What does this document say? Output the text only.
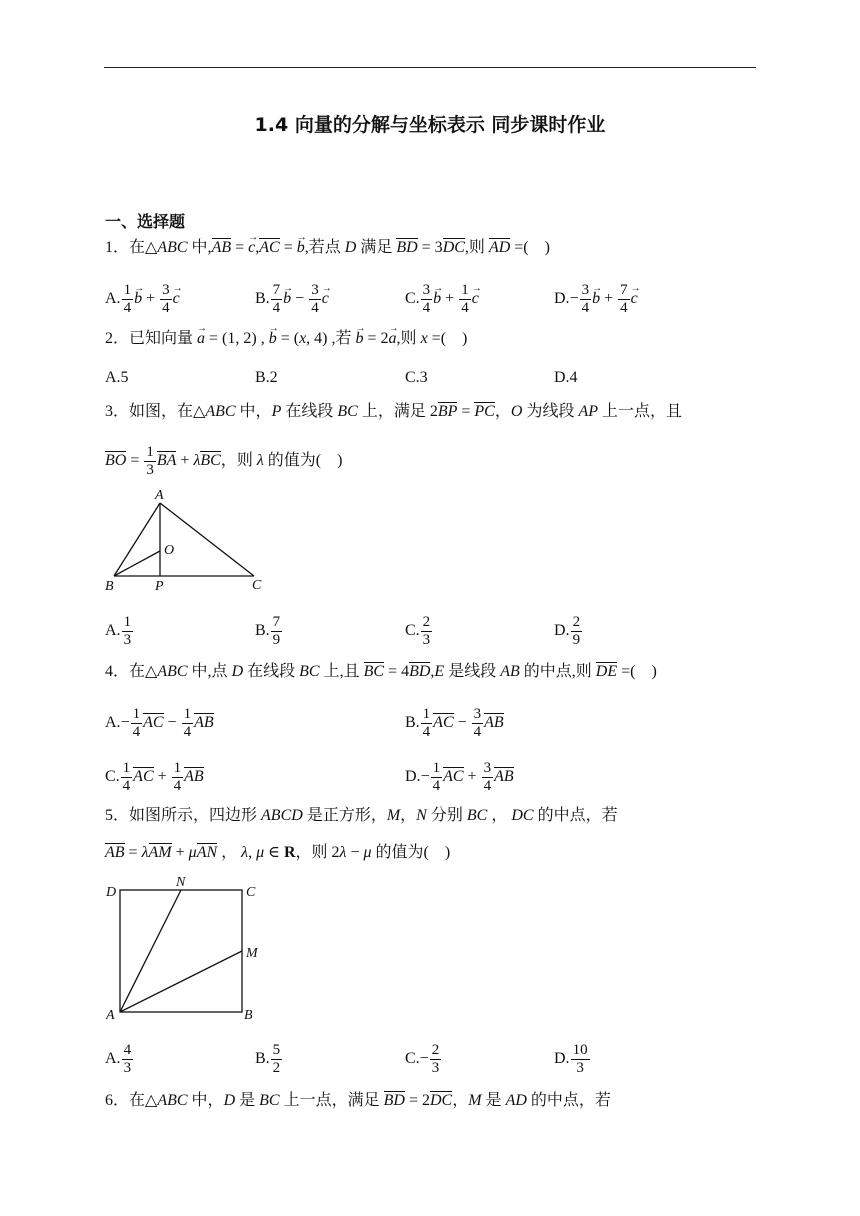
1.4 向量的分解与坐标表示 同步课时作业
一、选择题
1．在△ABC 中,AB = → c,AC = → b,若点 D 满足 BD = 3DC,则 AD =(　)
A. $\frac{1}{4}$
→ $b + \frac{3}{4}$
→ c	B. $\frac{7}{4}$
→ $b - \frac{3}{4}$
→ c	C. $\frac{3}{4}$
→ $b + \frac{1}{4}$
→ c	$D.- \frac{3}{4}$
→ $b + \frac{7}{4}$
→ c
2．已知向量 → a = (1, 2) , → b = (x, 4) ,若 → b = 2→ a,则 x =(　)
A.5	B.2	C.3	D.4
3．如图，在△ABC 中，P 在线段 BC 上，满足 2BP = PC，O 为线段 AP 上一点，且
BO = $\frac{1}{3}$ BA + λBC，则 λ 的值为(　)
A
O
B	P	C
A. $\frac{1}{3}$	B. $\frac{7}{9}$	C. $\frac{2}{3}$	D. $\frac{2}{9}$
4．在△ABC 中,点 D 在线段 BC 上,且 BC = 4BD,E 是线段 AB 的中点,则 DE =(　)
$A.- \frac{1}{4}$ AC − $\frac{1}{4}$ AB	B. $\frac{1}{4}$ AC − $\frac{3}{4}$ AB
C. $\frac{1}{4}$ AC + $\frac{1}{4}$ AB	$D.- \frac{1}{4}$ AC + $\frac{3}{4}$ AB
5．如图所示，四边形 ABCD 是正方形，M，N 分别 BC ， DC 的中点，若
AB = λAM + μAN ， λ, μ ∈ R，则 2λ − μ 的值为(　)
D
N
C
M
A	B
A. $\frac{4}{3}$	B. $\frac{5}{2}$	$C.- \frac{2}{3}$	D. $\frac{10}{3}$
6．在△ABC 中，D 是 BC 上一点，满足 BD = 2DC，M 是 AD 的中点，若
